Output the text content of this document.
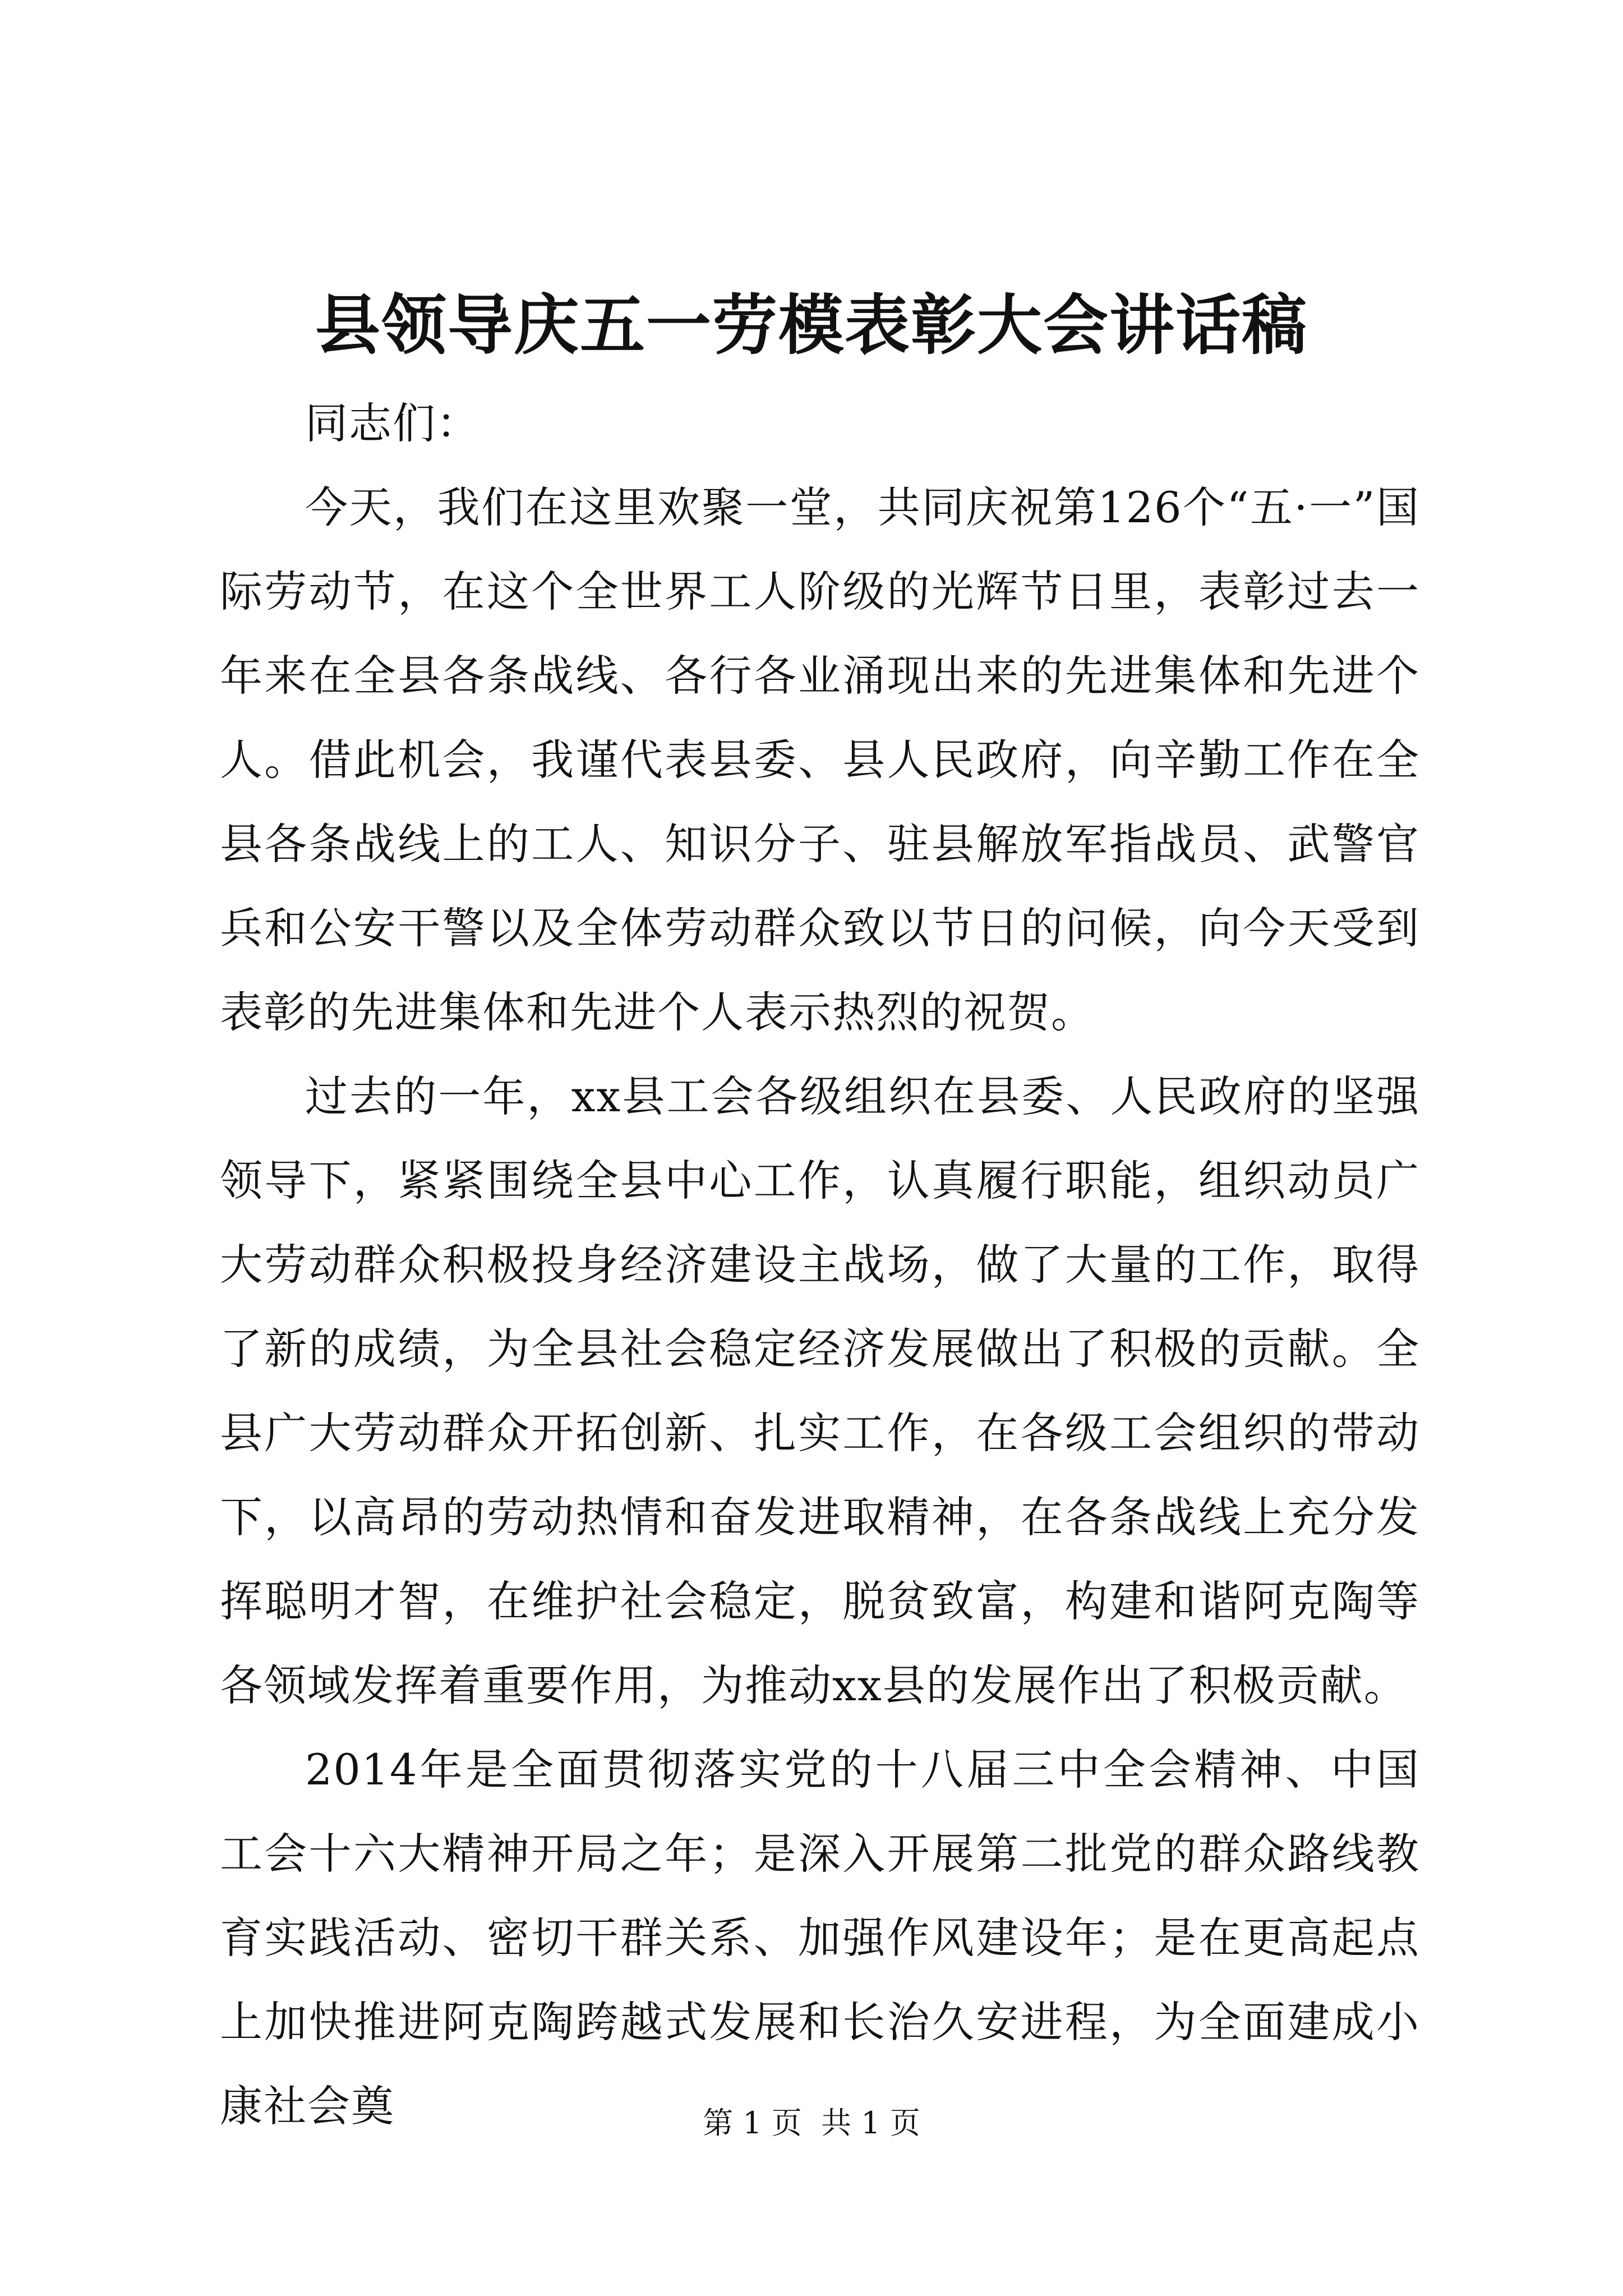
县领导庆五一劳模表彰大会讲话稿

同志们：

今天，我们在这里欢聚一堂，共同庆祝第126个“五·一”国际劳动节，在这个全世界工人阶级的光辉节日里，表彰过去一年来在全县各条战线、各行各业涌现出来的先进集体和先进个人。借此机会，我谨代表县委、县人民政府，向辛勤工作在全县各条战线上的工人、知识分子、驻县解放军指战员、武警官兵和公安干警以及全体劳动群众致以节日的问候，向今天受到表彰的先进集体和先进个人表示热烈的祝贺。

过去的一年，xx县工会各级组织在县委、人民政府的坚强领导下，紧紧围绕全县中心工作，认真履行职能，组织动员广大劳动群众积极投身经济建设主战场，做了大量的工作，取得了新的成绩，为全县社会稳定经济发展做出了积极的贡献。全县广大劳动群众开拓创新、扎实工作，在各级工会组织的带动下，以高昂的劳动热情和奋发进取精神，在各条战线上充分发挥聪明才智，在维护社会稳定，脱贫致富，构建和谐阿克陶等各领域发挥着重要作用，为推动xx县的发展作出了积极贡献。

2014年是全面贯彻落实党的十八届三中全会精神、中国工会十六大精神开局之年；是深入开展第二批党的群众路线教育实践活动、密切干群关系、加强作风建设年；是在更高起点上加快推进阿克陶跨越式发展和长治久安进程，为全面建成小康社会奠	第 1 页  共 1 页
